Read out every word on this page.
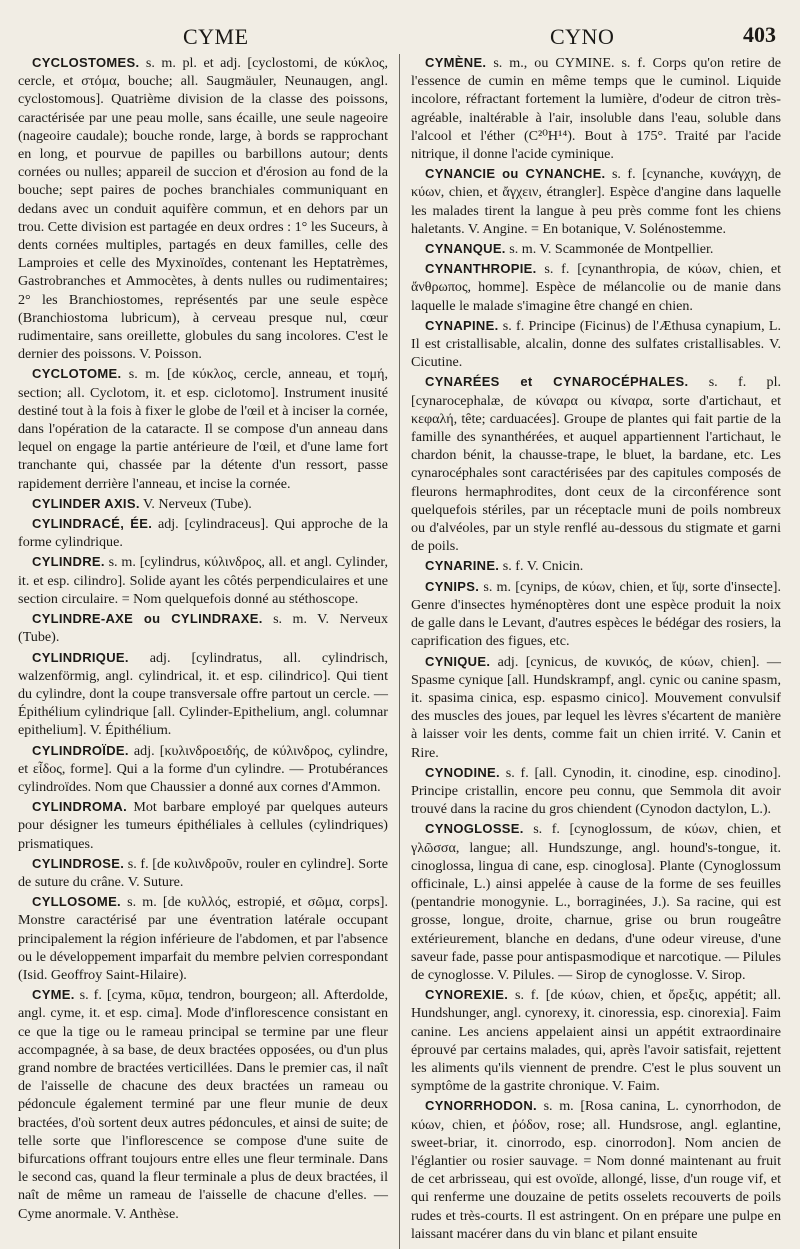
CYME	CYNO	403

CYCLOSTOMES. s. m. pl. et adj. [cyclostomi, de κύκλος, cercle, et στόμα, bouche; all. Saugmäuler, Neunaugen, angl. cyclostomous]. Quatrième division de la classe des poissons, caractérisée par une peau molle, sans écaille, une seule nageoire (nageoire caudale); bouche ronde, large, à bords se rapprochant en long, et pourvue de papilles ou barbillons autour; dents cornées ou nulles; appareil de succion et d'érosion au fond de la bouche; sept paires de poches branchiales communiquant en dedans avec un conduit aquifère commun, et en dehors par un trou. Cette division est partagée en deux ordres : 1° les Suceurs, à dents cornées multiples, partagés en deux familles, celle des Lamproies et celle des Myxinoïdes, contenant les Heptatrèmes, Gastrobranches et Ammocètes, à dents nulles ou rudimentaires; 2° les Branchiostomes, représentés par une seule espèce (Branchiostoma lubricum), à cerveau presque nul, cœur rudimentaire, sans oreillette, globules du sang incolores. C'est le dernier des poissons. V. Poisson.

CYCLOTOME. s. m. [de κύκλος, cercle, anneau, et τομή, section; all. Cyclotom, it. et esp. ciclotomo]. Instrument inusité destiné tout à la fois à fixer le globe de l'œil et à inciser la cornée, dans l'opération de la cataracte. Il se compose d'un anneau dans lequel on engage la partie antérieure de l'œil, et d'une lame fort tranchante qui, chassée par la détente d'un ressort, passe rapidement derrière l'anneau, et incise la cornée.

CYLINDER AXIS. V. Nerveux (Tube).

CYLINDRACÉ, ÉE. adj. [cylindraceus]. Qui approche de la forme cylindrique.

CYLINDRE. s. m. [cylindrus, κύλινδρος, all. et angl. Cylinder, it. et esp. cilindro]. Solide ayant les côtés perpendiculaires et une section circulaire. = Nom quelquefois donné au stéthoscope.

CYLINDRE-AXE ou CYLINDRAXE. s. m. V. Nerveux (Tube).

CYLINDRIQUE. adj. [cylindratus, all. cylindrisch, walzenförmig, angl. cylindrical, it. et esp. cilindrico]. Qui tient du cylindre, dont la coupe transversale offre partout un cercle. — Épithélium cylindrique [all. Cylinder-Epithelium, angl. columnar epithelium]. V. Épithélium.

CYLINDROÏDE. adj. [κυλινδροειδής, de κύλινδρος, cylindre, et εἶδος, forme]. Qui a la forme d'un cylindre. — Protubérances cylindroïdes. Nom que Chaussier a donné aux cornes d'Ammon.

CYLINDROMA. Mot barbare employé par quelques auteurs pour désigner les tumeurs épithéliales à cellules (cylindriques) prismatiques.

CYLINDROSE. s. f. [de κυλινδροῦν, rouler en cylindre]. Sorte de suture du crâne. V. Suture.

CYLLOSOME. s. m. [de κυλλός, estropié, et σῶμα, corps]. Monstre caractérisé par une éventration latérale occupant principalement la région inférieure de l'abdomen, et par l'absence ou le développement imparfait du membre pelvien correspondant (Isid. Geoffroy Saint-Hilaire).

CYME. s. f. [cyma, κῦμα, tendron, bourgeon; all. Afterdolde, angl. cyme, it. et esp. cima]. Mode d'inflorescence consistant en ce que la tige ou le rameau principal se termine par une fleur accompagnée, à sa base, de deux bractées opposées, ou d'un plus grand nombre de bractées verticillées. Dans le premier cas, il naît de l'aisselle de chacune des deux bractées un rameau ou pédoncule également terminé par une fleur munie de deux bractées, d'où sortent deux autres pédoncules, et ainsi de suite; de telle sorte que l'inflorescence se compose d'une suite de bifurcations offrant toujours entre elles une fleur terminale. Dans le second cas, quand la fleur terminale a plus de deux bractées, il naît de même un rameau de l'aisselle de chacune d'elles. — Cyme anormale. V. Anthèse.

CYMÈNE. s. m., ou CYMINE. s. f. Corps qu'on retire de l'essence de cumin en même temps que le cuminol. Liquide incolore, réfractant fortement la lumière, d'odeur de citron très-agréable, inaltérable à l'air, insoluble dans l'eau, soluble dans l'alcool et l'éther (C²⁰H¹⁴). Bout à 175°. Traité par l'acide nitrique, il donne l'acide cyminique.

CYNANCIE ou CYNANCHE. s. f. [cynanche, κυνάγχη, de κύων, chien, et ἄγχειν, étrangler]. Espèce d'angine dans laquelle les malades tirent la langue à peu près comme font les chiens haletants. V. Angine. = En botanique, V. Solénostemme.

CYNANQUE. s. m. V. Scammonée de Montpellier.

CYNANTHROPIE. s. f. [cynanthropia, de κύων, chien, et ἄνθρωπος, homme]. Espèce de mélancolie ou de manie dans laquelle le malade s'imagine être changé en chien.

CYNAPINE. s. f. Principe (Ficinus) de l'Æthusa cynapium, L. Il est cristallisable, alcalin, donne des sulfates cristallisables. V. Cicutine.

CYNARÉES et CYNAROCÉPHALES. s. f. pl. [cynarocephalæ, de κύναρα ou κίναρα, sorte d'artichaut, et κεφαλή, tête; carduacées]. Groupe de plantes qui fait partie de la famille des synanthérées, et auquel appartiennent l'artichaut, le chardon bénit, la chausse-trape, le bluet, la bardane, etc. Les cynarocéphales sont caractérisées par des capitules composés de fleurons hermaphrodites, dont ceux de la circonférence sont quelquefois stériles, par un réceptacle muni de poils nombreux ou d'alvéoles, par un style renflé au-dessous du stigmate et garni de poils.

CYNARINE. s. f. V. Cnicin.

CYNIPS. s. m. [cynips, de κύων, chien, et ἴψ, sorte d'insecte]. Genre d'insectes hyménoptères dont une espèce produit la noix de galle dans le Levant, d'autres espèces le bédégar des rosiers, la caprification des figues, etc.

CYNIQUE. adj. [cynicus, de κυνικός, de κύων, chien]. — Spasme cynique [all. Hundskrampf, angl. cynic ou canine spasm, it. spasima cinica, esp. espasmo cinico]. Mouvement convulsif des muscles des joues, par lequel les lèvres s'écartent de manière à laisser voir les dents, comme fait un chien irrité. V. Canin et Rire.

CYNODINE. s. f. [all. Cynodin, it. cinodine, esp. cinodino]. Principe cristallin, encore peu connu, que Semmola dit avoir trouvé dans la racine du gros chiendent (Cynodon dactylon, L.).

CYNOGLOSSE. s. f. [cynoglossum, de κύων, chien, et γλῶσσα, langue; all. Hundszunge, angl. hound's-tongue, it. cinoglossa, lingua di cane, esp. cinoglosa]. Plante (Cynoglossum officinale, L.) ainsi appelée à cause de la forme de ses feuilles (pentandrie monogynie. L., borraginées, J.). Sa racine, qui est grosse, longue, droite, charnue, grise ou brun rougeâtre extérieurement, blanche en dedans, d'une odeur vireuse, d'une saveur fade, passe pour antispasmodique et narcotique. — Pilules de cynoglosse. V. Pilules. — Sirop de cynoglosse. V. Sirop.

CYNOREXIE. s. f. [de κύων, chien, et ὄρεξις, appétit; all. Hundshunger, angl. cynorexy, it. cinoressia, esp. cinorexia]. Faim canine. Les anciens appelaient ainsi un appétit extraordinaire éprouvé par certains malades, qui, après l'avoir satisfait, rejettent les aliments qu'ils viennent de prendre. C'est le plus souvent un symptôme de la gastrite chronique. V. Faim.

CYNORRHODON. s. m. [Rosa canina, L. cynorrhodon, de κύων, chien, et ῥόδον, rose; all. Hundsrose, angl. eglantine, sweet-briar, it. cinorrodo, esp. cinorrodon]. Nom ancien de l'églantier ou rosier sauvage. = Nom donné maintenant au fruit de cet arbrisseau, qui est ovoïde, allongé, lisse, d'un rouge vif, et qui renferme une douzaine de petits osselets recouverts de poils rudes et très-courts. Il est astringent. On en prépare une pulpe en laissant macérer dans du vin blanc et pilant ensuite
